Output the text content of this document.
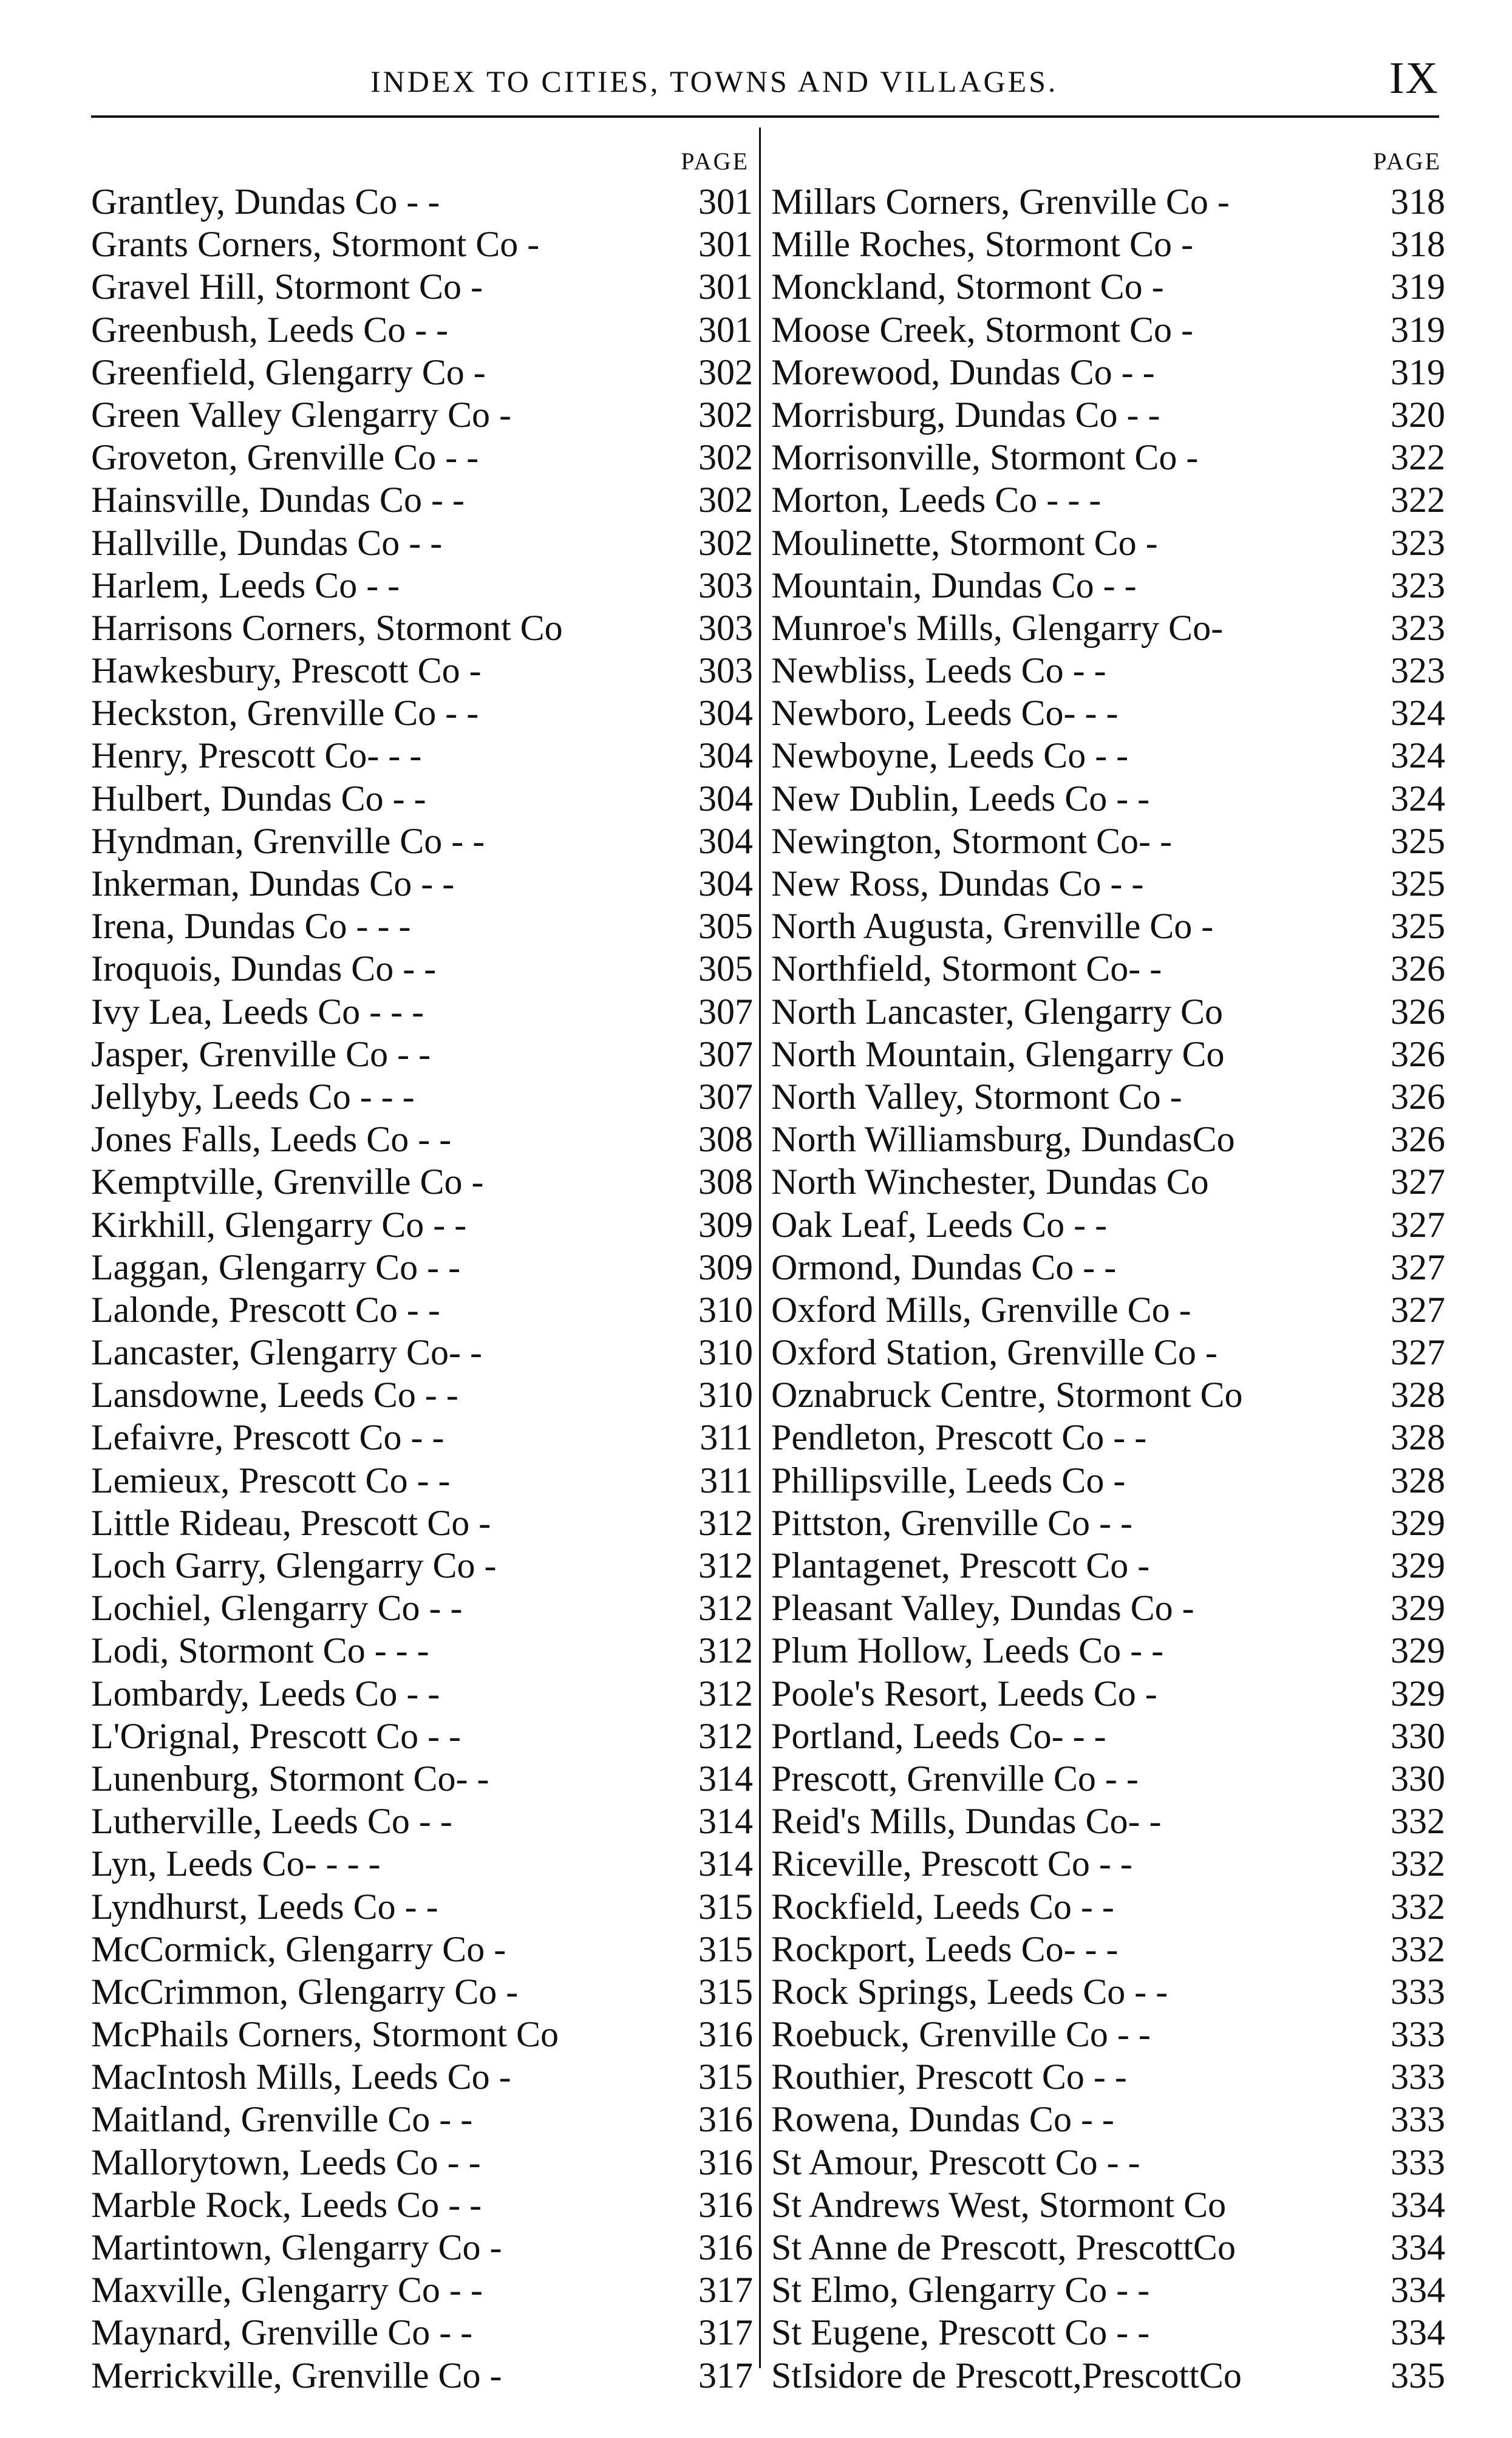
INDEX TO CITIES, TOWNS AND VILLAGES.	IX
PAGE
Grantley, Dundas Co - -	301
Grants Corners, Stormont Co -	301
Gravel Hill, Stormont Co -	301
Greenbush, Leeds Co - -	301
Greenfield, Glengarry Co -	302
Green Valley Glengarry Co -	302
Groveton, Grenville Co - -	302
Hainsville, Dundas Co - -	302
Hallville, Dundas Co - -	302
Harlem, Leeds Co - -	303
Harrisons Corners, Stormont Co	303
Hawkesbury, Prescott Co -	303
Heckston, Grenville Co - -	304
Henry, Prescott Co- - -	304
Hulbert, Dundas Co - -	304
Hyndman, Grenville Co - -	304
Inkerman, Dundas Co - -	304
Irena, Dundas Co - - -	305
Iroquois, Dundas Co - -	305
Ivy Lea, Leeds Co - - -	307
Jasper, Grenville Co - -	307
Jellyby, Leeds Co - - -	307
Jones Falls, Leeds Co - -	308
Kemptville, Grenville Co -	308
Kirkhill, Glengarry Co - -	309
Laggan, Glengarry Co - -	309
Lalonde, Prescott Co - -	310
Lancaster, Glengarry Co- -	310
Lansdowne, Leeds Co - -	310
Lefaivre, Prescott Co - -	311
Lemieux, Prescott Co - -	311
Little Rideau, Prescott Co -	312
Loch Garry, Glengarry Co -	312
Lochiel, Glengarry Co - -	312
Lodi, Stormont Co - - -	312
Lombardy, Leeds Co - -	312
L'Orignal, Prescott Co - -	312
Lunenburg, Stormont Co- -	314
Lutherville, Leeds Co - -	314
Lyn, Leeds Co- - - -	314
Lyndhurst, Leeds Co - -	315
McCormick, Glengarry Co -	315
McCrimmon, Glengarry Co -	315
McPhails Corners, Stormont Co	316
MacIntosh Mills, Leeds Co -	315
Maitland, Grenville Co - -	316
Mallorytown, Leeds Co - -	316
Marble Rock, Leeds Co - -	316
Martintown, Glengarry Co -	316
Maxville, Glengarry Co - -	317
Maynard, Grenville Co - -	317
Merrickville, Grenville Co -	317
PAGE
Millars Corners, Grenville Co -	318
Mille Roches, Stormont Co -	318
Monckland, Stormont Co -	319
Moose Creek, Stormont Co -	319
Morewood, Dundas Co - -	319
Morrisburg, Dundas Co - -	320
Morrisonville, Stormont Co -	322
Morton, Leeds Co - - -	322
Moulinette, Stormont Co -	323
Mountain, Dundas Co - -	323
Munroe's Mills, Glengarry Co-	323
Newbliss, Leeds Co - -	323
Newboro, Leeds Co- - -	324
Newboyne, Leeds Co - -	324
New Dublin, Leeds Co - -	324
Newington, Stormont Co- -	325
New Ross, Dundas Co - -	325
North Augusta, Grenville Co -	325
Northfield, Stormont Co- -	326
North Lancaster, Glengarry Co	326
North Mountain, Glengarry Co	326
North Valley, Stormont Co -	326
North Williamsburg, DundasCo	326
North Winchester, Dundas Co	327
Oak Leaf, Leeds Co - -	327
Ormond, Dundas Co - -	327
Oxford Mills, Grenville Co -	327
Oxford Station, Grenville Co -	327
Oznabruck Centre, Stormont Co	328
Pendleton, Prescott Co - -	328
Phillipsville, Leeds Co -	328
Pittston, Grenville Co - -	329
Plantagenet, Prescott Co -	329
Pleasant Valley, Dundas Co -	329
Plum Hollow, Leeds Co - -	329
Poole's Resort, Leeds Co -	329
Portland, Leeds Co- - -	330
Prescott, Grenville Co - -	330
Reid's Mills, Dundas Co- -	332
Riceville, Prescott Co - -	332
Rockfield, Leeds Co - -	332
Rockport, Leeds Co- - -	332
Rock Springs, Leeds Co - -	333
Roebuck, Grenville Co - -	333
Routhier, Prescott Co - -	333
Rowena, Dundas Co - -	333
St Amour, Prescott Co - -	333
St Andrews West, Stormont Co	334
St Anne de Prescott, PrescottCo	334
St Elmo, Glengarry Co - -	334
St Eugene, Prescott Co - -	334
StIsidore de Prescott,PrescottCo	335
